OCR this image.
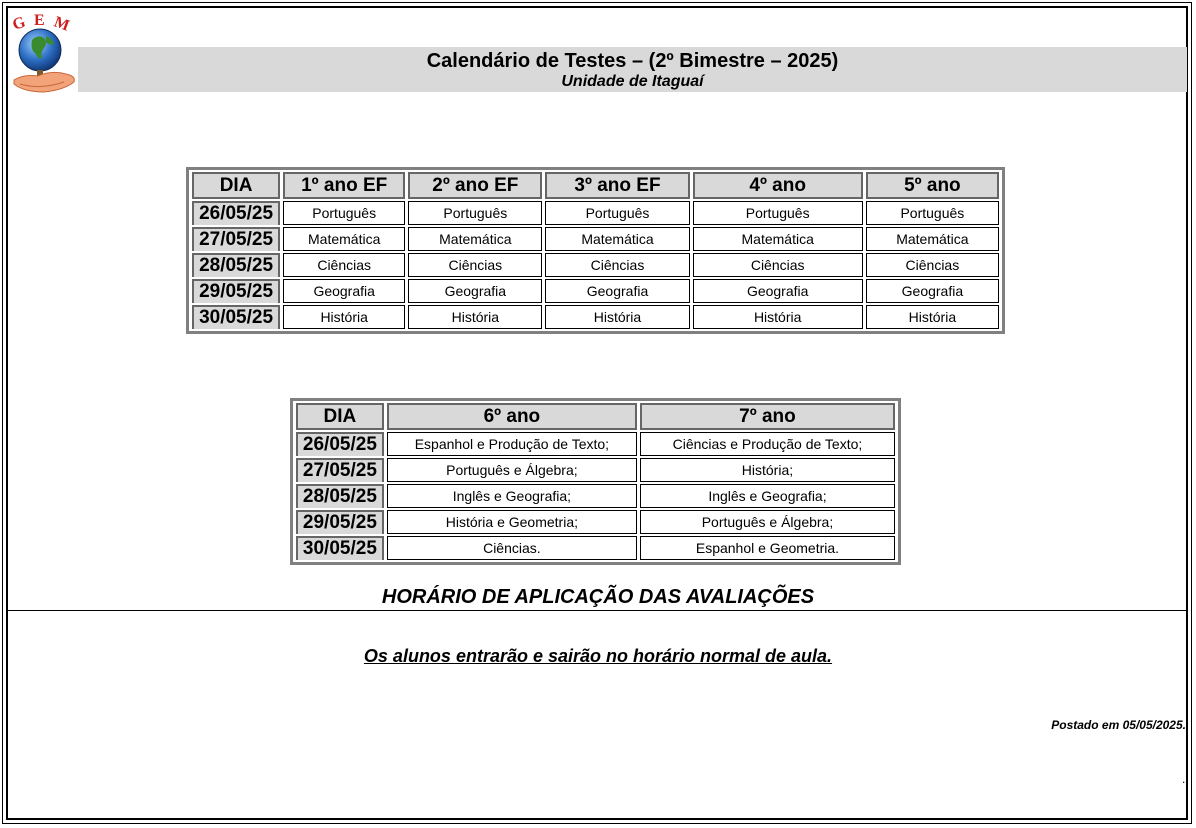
G E M
Calendário de Testes – (2º Bimestre – 2025)
Unidade de Itaguaí
DIA	1º ano EF	2º ano EF	3º ano EF	4º ano	5º ano
26/05/25	Português	Português	Português	Português	Português
27/05/25	Matemática	Matemática	Matemática	Matemática	Matemática
28/05/25	Ciências	Ciências	Ciências	Ciências	Ciências
29/05/25	Geografia	Geografia	Geografia	Geografia	Geografia
30/05/25	História	História	História	História	História
DIA	6º ano	7º ano
26/05/25	Espanhol e Produção de Texto;	Ciências e Produção de Texto;
27/05/25	Português e Álgebra;	História;
28/05/25	Inglês e Geografia;	Inglês e Geografia;
29/05/25	História e Geometria;	Português e Álgebra;
30/05/25	Ciências.	Espanhol e Geometria.
HORÁRIO DE APLICAÇÃO DAS AVALIAÇÕES
Os alunos entrarão e sairão no horário normal de aula.
Postado em 05/05/2025.
.
